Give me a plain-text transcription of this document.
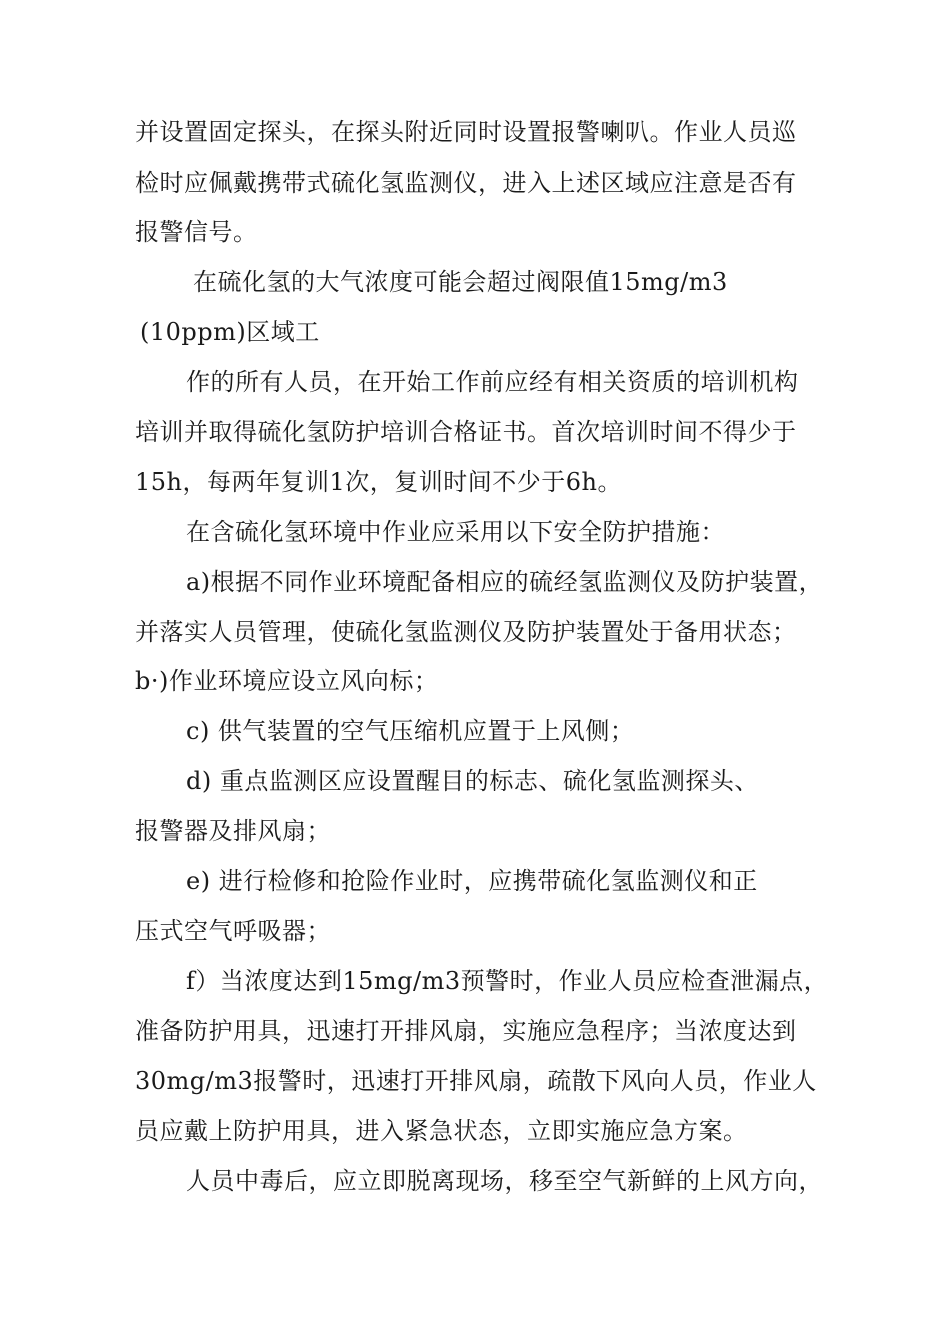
并设置固定探头，在探头附近同时设置报警喇叭。作业人员巡
检时应佩戴携带式硫化氢监测仪，进入上述区域应注意是否有
报警信号。
在硫化氢的大气浓度可能会超过阀限值15mg/m3
(10ppm)区域工
作的所有人员，在开始工作前应经有相关资质的培训机构
培训并取得硫化氢防护培训合格证书。首次培训时间不得少于
15h，每两年复训1次，复训时间不少于6h。
在含硫化氢环境中作业应采用以下安全防护措施：
a)根据不同作业环境配备相应的硫经氢监测仪及防护装置，
并落实人员管理，使硫化氢监测仪及防护装置处于备用状态；
b·)作业环境应设立风向标；
c) 供气装置的空气压缩机应置于上风侧；
d) 重点监测区应设置醒目的标志、硫化氢监测探头、
报警器及排风扇；
e) 进行检修和抢险作业时，应携带硫化氢监测仪和正
压式空气呼吸器；
f）当浓度达到15mg/m3预警时，作业人员应检查泄漏点，
准备防护用具，迅速打开排风扇，实施应急程序；当浓度达到
30mg/m3报警时，迅速打开排风扇，疏散下风向人员，作业人
员应戴上防护用具，进入紧急状态，立即实施应急方案。
人员中毒后，应立即脱离现场，移至空气新鲜的上风方向，
